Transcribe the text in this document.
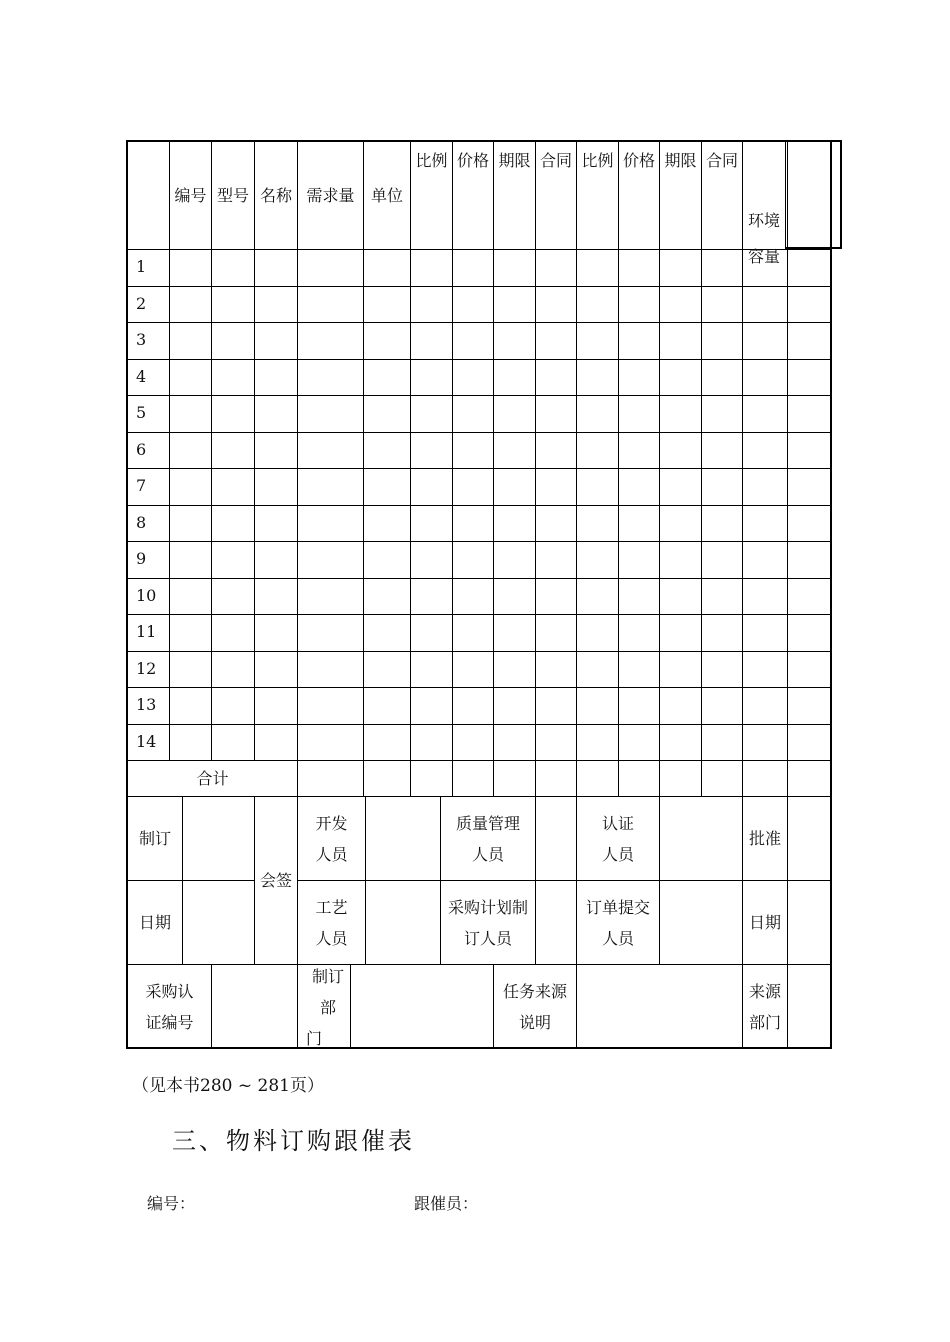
编号 型号 名称 需求量	单位
比例 价格 期限 合同 比例 价格 期限 合同
1
2
3
4
5
6
7
8
9
10
11
12
13
14
合计
制订
会签
开发
人员
质量管理
人员
认证
人员
批准
日期
工艺
人员
采购计划制
订人员
订单提交
人员
日期
采购认
证编号
制订部
门
任务来源
说明
来源
部门
环境
容量
（见本书280 ~ 281页）
三、物料订购跟催表
编号：	跟催员：
